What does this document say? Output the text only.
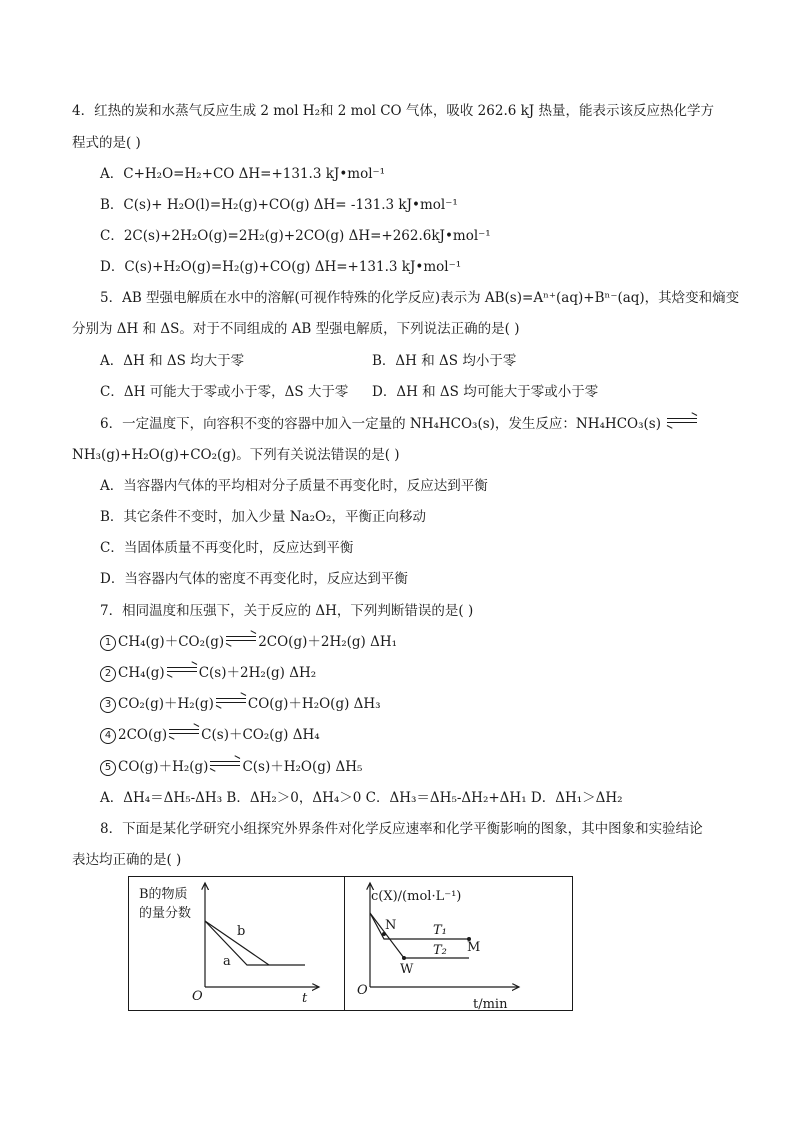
4．红热的炭和水蒸气反应生成 2 mol H₂和 2 mol CO 气体，吸收 262.6 kJ 热量，能表示该反应热化学方
程式的是( )
A．C+H₂O=H₂+CO ΔH=+131.3 kJ•mol⁻¹
B．C(s)+ H₂O(l)=H₂(g)+CO(g) ΔH= -131.3 kJ•mol⁻¹
C．2C(s)+2H₂O(g)=2H₂(g)+2CO(g) ΔH=+262.6kJ•mol⁻¹
D．C(s)+H₂O(g)=H₂(g)+CO(g) ΔH=+131.3 kJ•mol⁻¹
5．AB 型强电解质在水中的溶解(可视作特殊的化学反应)表示为 AB(s)=Aⁿ⁺(aq)+Bⁿ⁻(aq)，其焓变和熵变
分别为 ΔH 和 ΔS。对于不同组成的 AB 型强电解质，下列说法正确的是( )
A．ΔH 和 ΔS 均大于零	B．ΔH 和 ΔS 均小于零
C．ΔH 可能大于零或小于零，ΔS 大于零 D．ΔH 和 ΔS 均可能大于零或小于零
6．一定温度下，向容积不变的容器中加入一定量的 NH₄HCO₃(s)，发生反应：NH₄HCO₃(s)
NH₃(g)+H₂O(g)+CO₂(g)。下列有关说法错误的是( )
A．当容器内气体的平均相对分子质量不再变化时，反应达到平衡
B．其它条件不变时，加入少量 Na₂O₂，平衡正向移动
C．当固体质量不再变化时，反应达到平衡
D．当容器内气体的密度不再变化时，反应达到平衡
7．相同温度和压强下，关于反应的 ΔH，下列判断错误的是( )
1 CH₄(g)＋CO₂(g)	2CO(g)＋2H₂(g) ΔH₁
2 CH₄(g)	C(s)＋2H₂(g) ΔH₂
3 CO₂(g)＋H₂(g)	CO(g)＋H₂O(g) ΔH₃
4 2CO(g)	C(s)＋CO₂(g) ΔH₄
5 CO(g)＋H₂(g)	C(s)＋H₂O(g) ΔH₅
A．ΔH₄＝ΔH₅-ΔH₃ B．ΔH₂＞0，ΔH₄＞0 C．ΔH₃＝ΔH₅-ΔH₂+ΔH₁ D．ΔH₁＞ΔH₂
8．下面是某化学研究小组探究外界条件对化学反应速率和化学平衡影响的图象，其中图象和实验结论
表达均正确的是( )
B的物质
的量分数
O	t
b
a
c(X)/(mol·L⁻¹)
O
t/min
N
W
M
T₁
T₂
